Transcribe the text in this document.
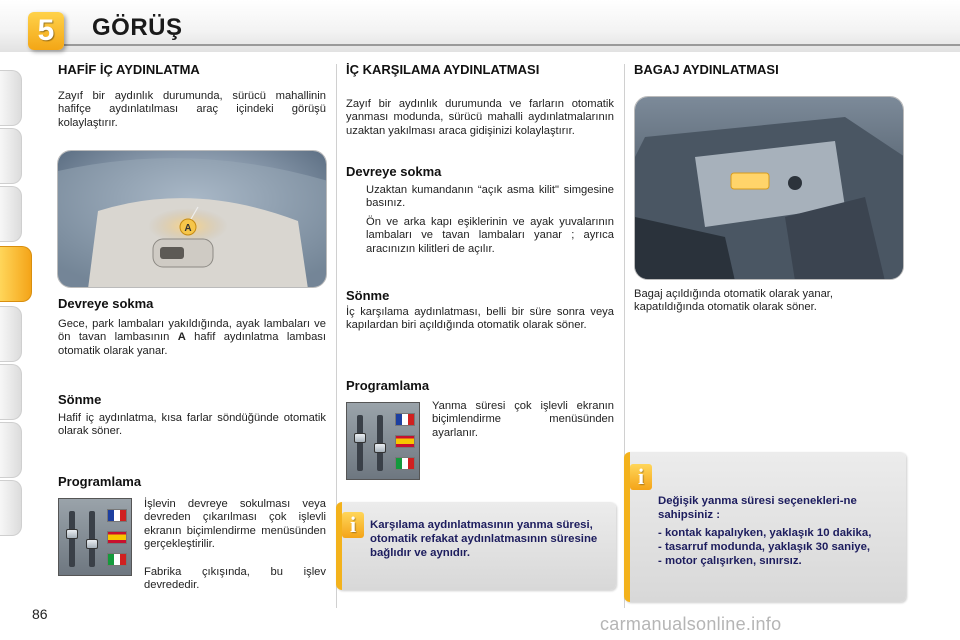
5	GÖRÜŞ
HAFİF İÇ AYDINLATMA
Zayıf bir aydınlık durumunda, sürücü mahallinin hafifçe aydınlatılması araç içindeki görüşü kolaylaştırır.
A
Devreye sokma
Gece, park lambaları yakıldığında, ayak lambaları ve ön tavan lambasının A hafif aydınlatma lambası otomatik olarak yanar.
Sönme
Hafif iç aydınlatma, kısa farlar söndüğünde otomatik olarak söner.
Programlama
İşlevin devreye sokulması veya devreden çıkarılması çok işlevli ekranın biçimlendirme menüsünden gerçekleştirilir.
Fabrika çıkışında, bu işlev devrededir.
İÇ KARŞILAMA AYDINLATMASI
Zayıf bir aydınlık durumunda ve farların otomatik yanması modunda, sürücü mahalli aydınlatmalarının uzaktan yakılması araca gidişinizi kolaylaştırır.
Devreye sokma
Uzaktan kumandanın “açık asma kilit" simgesine basınız.
Ön ve arka kapı eşiklerinin ve ayak yuvalarının lambaları ve tavan lambaları yanar ; ayrıca aracınızın kilitleri de açılır.
Sönme
İç karşılama aydınlatması, belli bir süre sonra veya kapılardan biri açıldığında otomatik olarak söner.
Programlama
Yanma süresi çok işlevli ekranın biçimlendirme menüsünden ayarlanır.
i	Karşılama aydınlatmasının yanma süresi, otomatik refakat aydınlatmasının süresine bağlıdır ve aynıdır.
BAGAJ AYDINLATMASI
Bagaj açıldığında otomatik olarak yanar, kapatıldığında otomatik olarak söner.
i
Değişik yanma süresi seçenekleri-ne sahipsiniz :
- kontak kapalıyken, yaklaşık 10 dakika,
- tasarruf modunda, yaklaşık 30 saniye,
- motor çalışırken, sınırsız.
86	carmanualsonline.info
